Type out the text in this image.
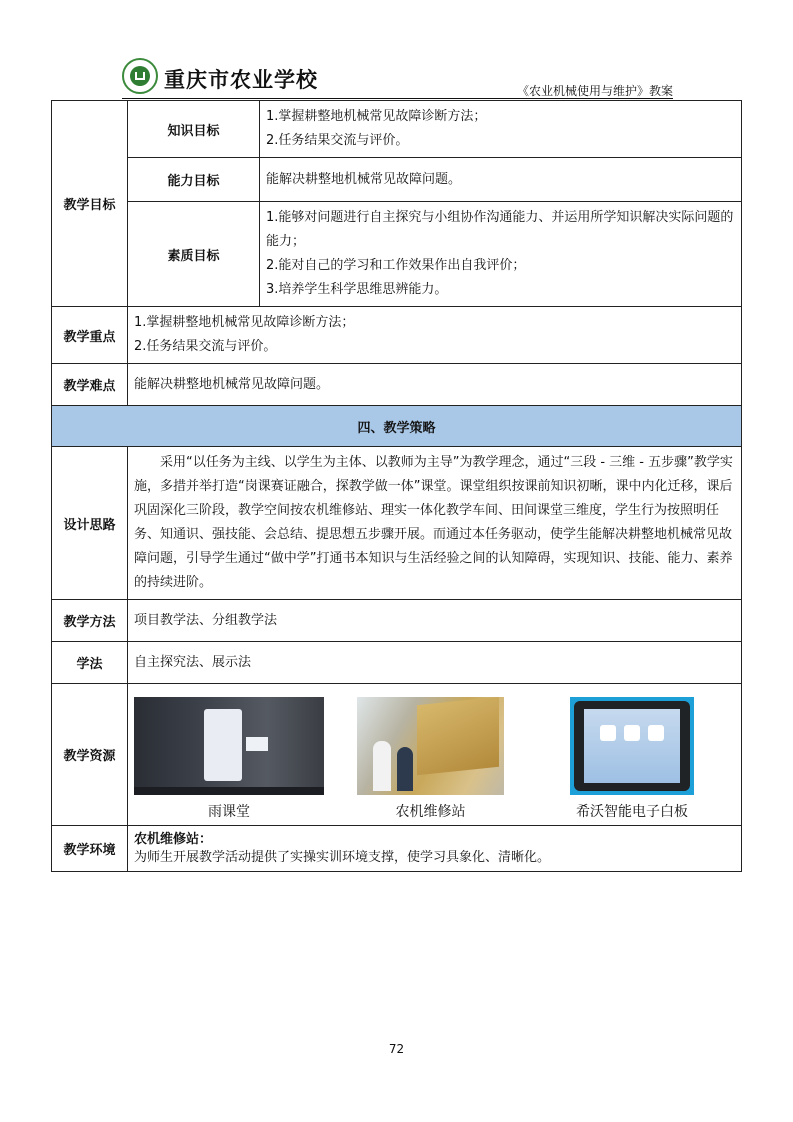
重庆市农业学校	《农业机械使用与维护》教案
教学目标	知识目标	1.掌握耕整地机械常见故障诊断方法；
2.任务结果交流与评价。

	能力目标	能解决耕整地机械常见故障问题。
	素质目标	1.能够对问题进行自主探究与小组协作沟通能力、并运用所学知识解决实际问题的能力；
2.能对自己的学习和工作效果作出自我评价；
3.培养学生科学思维思辨能力。

教学重点	1.掌握耕整地机械常见故障诊断方法；
2.任务结果交流与评价。	

教学难点	能解决耕整地机械常见故障问题。	
四、教学策略		
设计思路	采用“以任务为主线、以学生为主体、以教师为主导”为教学理念，通过“三段 - 三维 - 五步骤”教学实施，多措并举打造“岗课赛证融合，探教学做一体”课堂。课堂组织按课前知识初晰，课中内化迁移，课后巩固深化三阶段，教学空间按农机维修站、理实一体化教学车间、田间课堂三维度，学生行为按照明任务、知通识、强技能、会总结、提思想五步骤开展。而通过本任务驱动，使学生能解决耕整地机械常见故障问题，引导学生通过“做中学”打通书本知识与生活经验之间的认知障碍，实现知识、技能、能力、素养的持续进阶。	
教学方法	项目教学法、分组教学法	
学法	自主探究法、展示法	
教学资源	雨课堂 农机维修站 希沃智能电子白板	

教学环境	农机维修站：
为师生开展教学活动提供了实操实训环境支撑，使学习具象化、清晰化。	
72
